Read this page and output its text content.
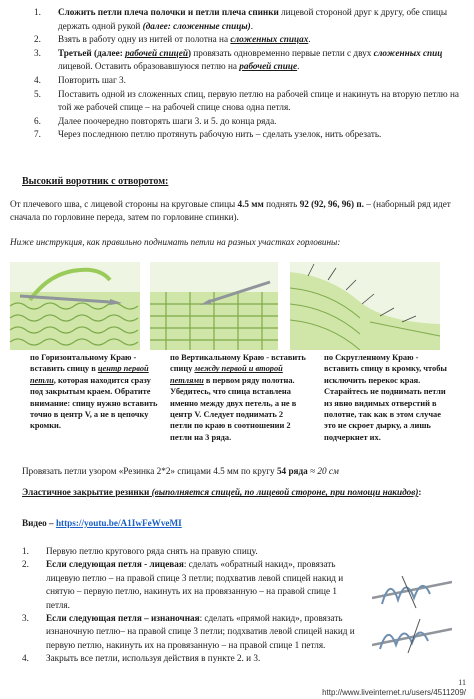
1. Сложить петли плеча полочки и петли плеча спинки лицевой стороной друг к другу, обе спицы держать одной рукой (далее: сложенные спицы).
2. Взять в работу одну из нитей от полотна на сложенных спицах.
3. Третьей (далее: рабочей спицей) провязать одновременно первые петли с двух сложенных спиц лицевой. Оставить образовавшуюся петлю на рабочей спице.
4. Повторить шаг 3.
5. Поставить одной из сложенных спиц, первую петлю на рабочей спице и накинуть на вторую петлю на той же рабочей спице – на рабочей спице снова одна петля.
6. Далее поочередно повторять шаги 3. и 5. до конца ряда.
7. Через последнюю петлю протянуть рабочую нить – сделать узелок, нить обрезать.
Высокий воротник с отворотом:
От плечевого шва, с лицевой стороны на круговые спицы 4.5 мм поднять 92 (92, 96, 96) п. – (наборный ряд идет сначала по горловине переда, затем по горловине спинки).
Ниже инструкция, как правильно поднимать петли на разных участках горловины:
по Горизонтальному Краю - вставить спицу в центр первой петли, которая находится сразу под закрытым краем. Обратите внимание: спицу нужно вставить точно в центр V, а не в цепочку кромки.
по Вертикальному Краю - вставить спицу между первой и второй петлями в первом ряду полотна. Убедитесь, что спица вставлена именно между двух петель, а не в центр V. Следует поднимать 2 петли по краю в соотношении 2 петли на 3 ряда.
по Скругленному Краю - вставить спицу в кромку, чтобы исключить перекос края. Старайтесь не поднимать петли из явно видимых отверстий в полотне, так как в этом случае это не скроет дырку, а лишь подчеркнет их.
Провязать петли узором «Резинка 2*2» спицами 4.5 мм по кругу 54 ряда ≈ 20 см
Эластичное закрытие резинки (выполняется спицей, по лицевой стороне, при помощи накидов):
Видео – https://youtu.be/A1IwFeWveMI
1. Первую петлю кругового ряда снять на правую спицу.
2. Если следующая петля - лицевая: сделать «обратный накид», провязать лицевую петлю – на правой спице 3 петли; подхватив левой спицей накид и снятую – первую петлю, накинуть их на провязанную – на правой спице 1 петля.
3. Если следующая петля – изнаночная: сделать «прямой накид», провязать изнаночную петлю– на правой спице 3 петли; подхватив левой спицей накид и первую петлю, накинуть их на провязанную – на правой спице 1 петля.
4. Закрыть все петли, используя действия в пункте 2. и 3.
11
http://www.liveinternet.ru/users/4511209/
